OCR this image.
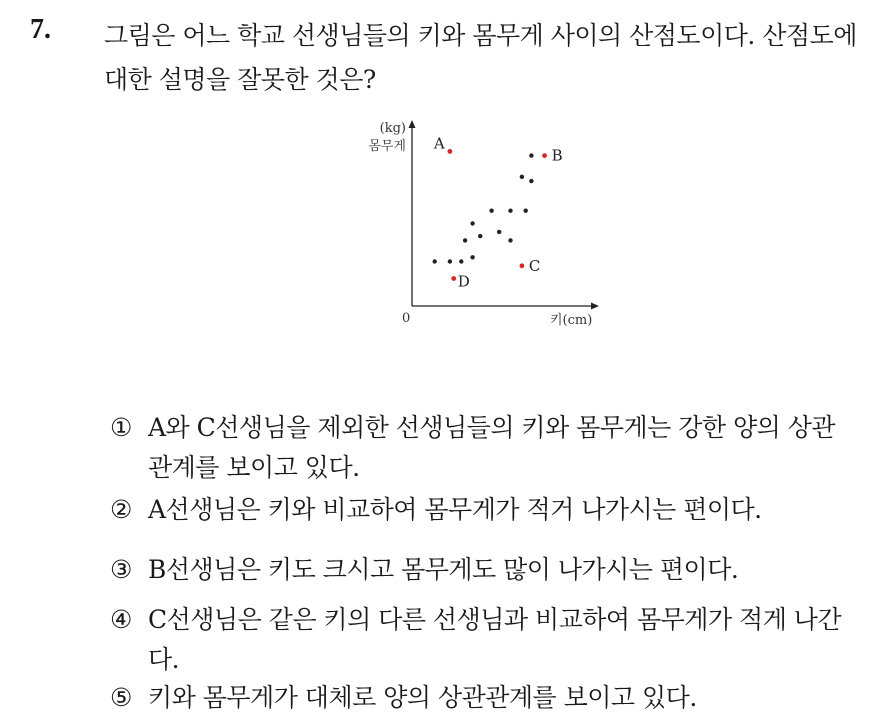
7. 그림은 어느 학교 선생님들의 키와 몸무게 사이의 산점도이다. 산점도에 대한 설명을 잘못한 것은?

(kg)
몸무게
0	키(cm)
A
B
C
D
① A와 C선생님을 제외한 선생님들의 키와 몸무게는 강한 양의 상관관계를 보이고 있다.
② A선생님은 키와 비교하여 몸무게가 적거 나가시는 편이다.
③ B선생님은 키도 크시고 몸무게도 많이 나가시는 편이다.
④ C선생님은 같은 키의 다른 선생님과 비교하여 몸무게가 적게 나간다.
⑤ 키와 몸무게가 대체로 양의 상관관계를 보이고 있다.
